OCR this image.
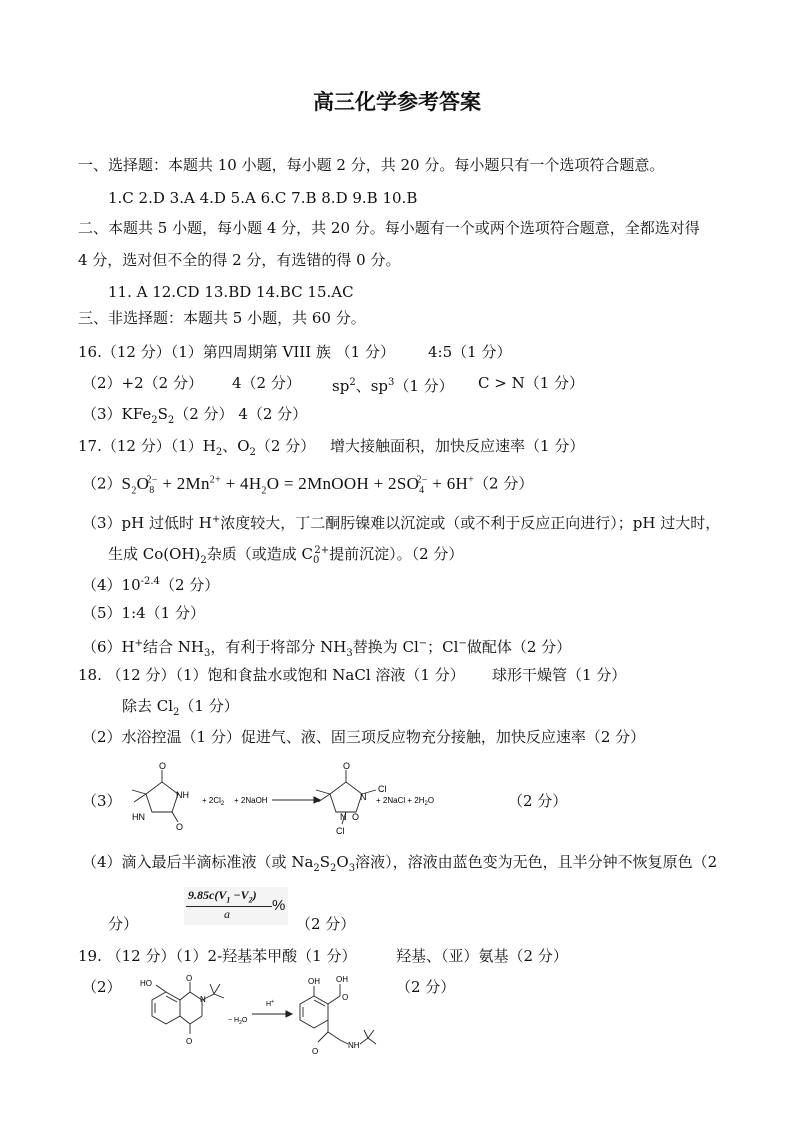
高三化学参考答案
一、选择题：本题共 10 小题，每小题 2 分，共 20 分。每小题只有一个选项符合题意。
1.C 2.D 3.A 4.D 5.A 6.C 7.B 8.D 9.B 10.B
二、本题共 5 小题，每小题 4 分，共 20 分。每小题有一个或两个选项符合题意，全都选对得
4 分，选对但不全的得 2 分，有选错的得 0 分。
11. A 12.CD 13.BD 14.BC 15.AC
三、非选择题：本题共 5 小题，共 60 分。
16.（12 分）（1）第四周期第 VIII 族 （1 分） 4:5（1 分）
（2）+2（2 分） 4（2 分） $sp^2$、$sp^3(1$ 分） C > N（1 分）
$(3)KFe_2S_2(2$ 分） 4（2 分）
17.（12 分）$(1)H_2$、$O_2(2$ 分） 增大接触面积，加快反应速率（1 分）
$(2)S_2O_8^{2-} + 2Mn^{2+} + 4H_2O$ = 2MnOOH + $2SO_4^{2-} + 6H^+(2$ 分）
（3）pH 过低时 H+浓度较大，丁二酮肟镍难以沉淀或（或不利于反应正向进行）；pH 过大时，
生成 $Co(OH)_2$杂质（或造成 $C_0^{2+}$提前沉淀）。（2 分）
$(4)10^{-2.4}(2$ 分）
（5）1:4（1 分）
（6）H+结合 $NH_3$，有利于将部分 $NH_3$替换为 Cl−；Cl−做配体（2 分）
18. （12 分）（1）饱和食盐水或饱和 NaCl 溶液（1 分） 球形干燥管（1 分）
除去 $Cl_2(1$ 分）
（2）水浴控温（1 分）促进气、液、固三项反应物充分接触，加快反应速率（2 分）
（3）
O
NH
HN
O
+ $2Cl_2$ + 2NaOH
O
N
Cl
O
N
Cl
+ 2NaCl + $2H_2O$	（2 分）
（4）滴入最后半滴标准液（或 $Na_2S_2O_3$溶液），溶液由蓝色变为无色，且半分钟不恢复原色（2
分）
$9.85c(V_1 -V_2)$
a	%
（2 分）
19. （12 分）（1）2-羟基苯甲酸（1 分）	羟基、（亚）氨基（2 分）
（2）	（2 分）
HO
O
N
O
− $H_2O$
H+
OH OH
O
O
NH
